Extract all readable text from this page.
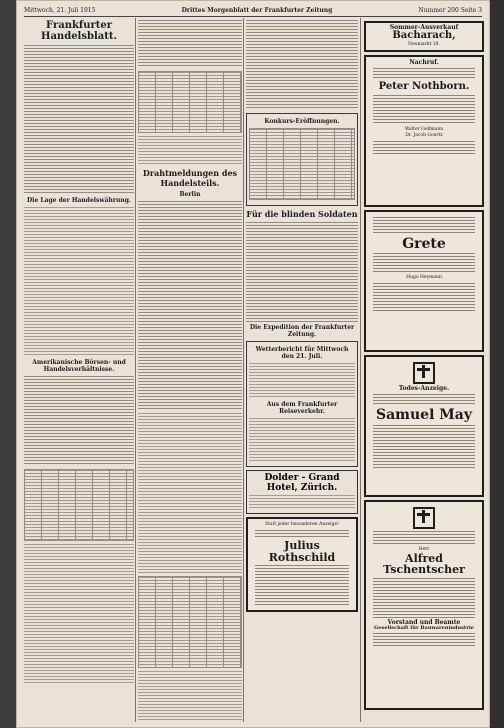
Mittwoch, 21. Juli 1915	Drittes Morgenblatt der Frankfurter Zeitung	Nummer 200 Seite 3
Frankfurter Handelsblatt.
Die Lage der Handelswährung.
Amerikanische Börsen- und Handelsverhältnisse.
Drahtmeldungen des Handelsteils.
Berlin
Konkurs-Eröffnungen.
Für die blinden Soldaten
Die Expedition der Frankfurter Zeitung.
Wetterbericht für Mittwoch den 21. Juli.
Aus dem Frankfurter Reiseverkehr.
Dolder - Grand Hotel, Zürich.
Statt jeder besonderen Anzeige!
Julius Rothschild
Sommer-Ausverkauf
Bacharach,
Neumarkt 18.
Nachruf.
Peter Nothborn.
Walter Gollmann
Dr. Jacob Goertz
Grete
Hugo Heymann
Todes-Anzeige.
Samuel May
Herr
Alfred Tschentscher
Vorstand und Beamte
Gesellschaft für Bauwarenindustrie
